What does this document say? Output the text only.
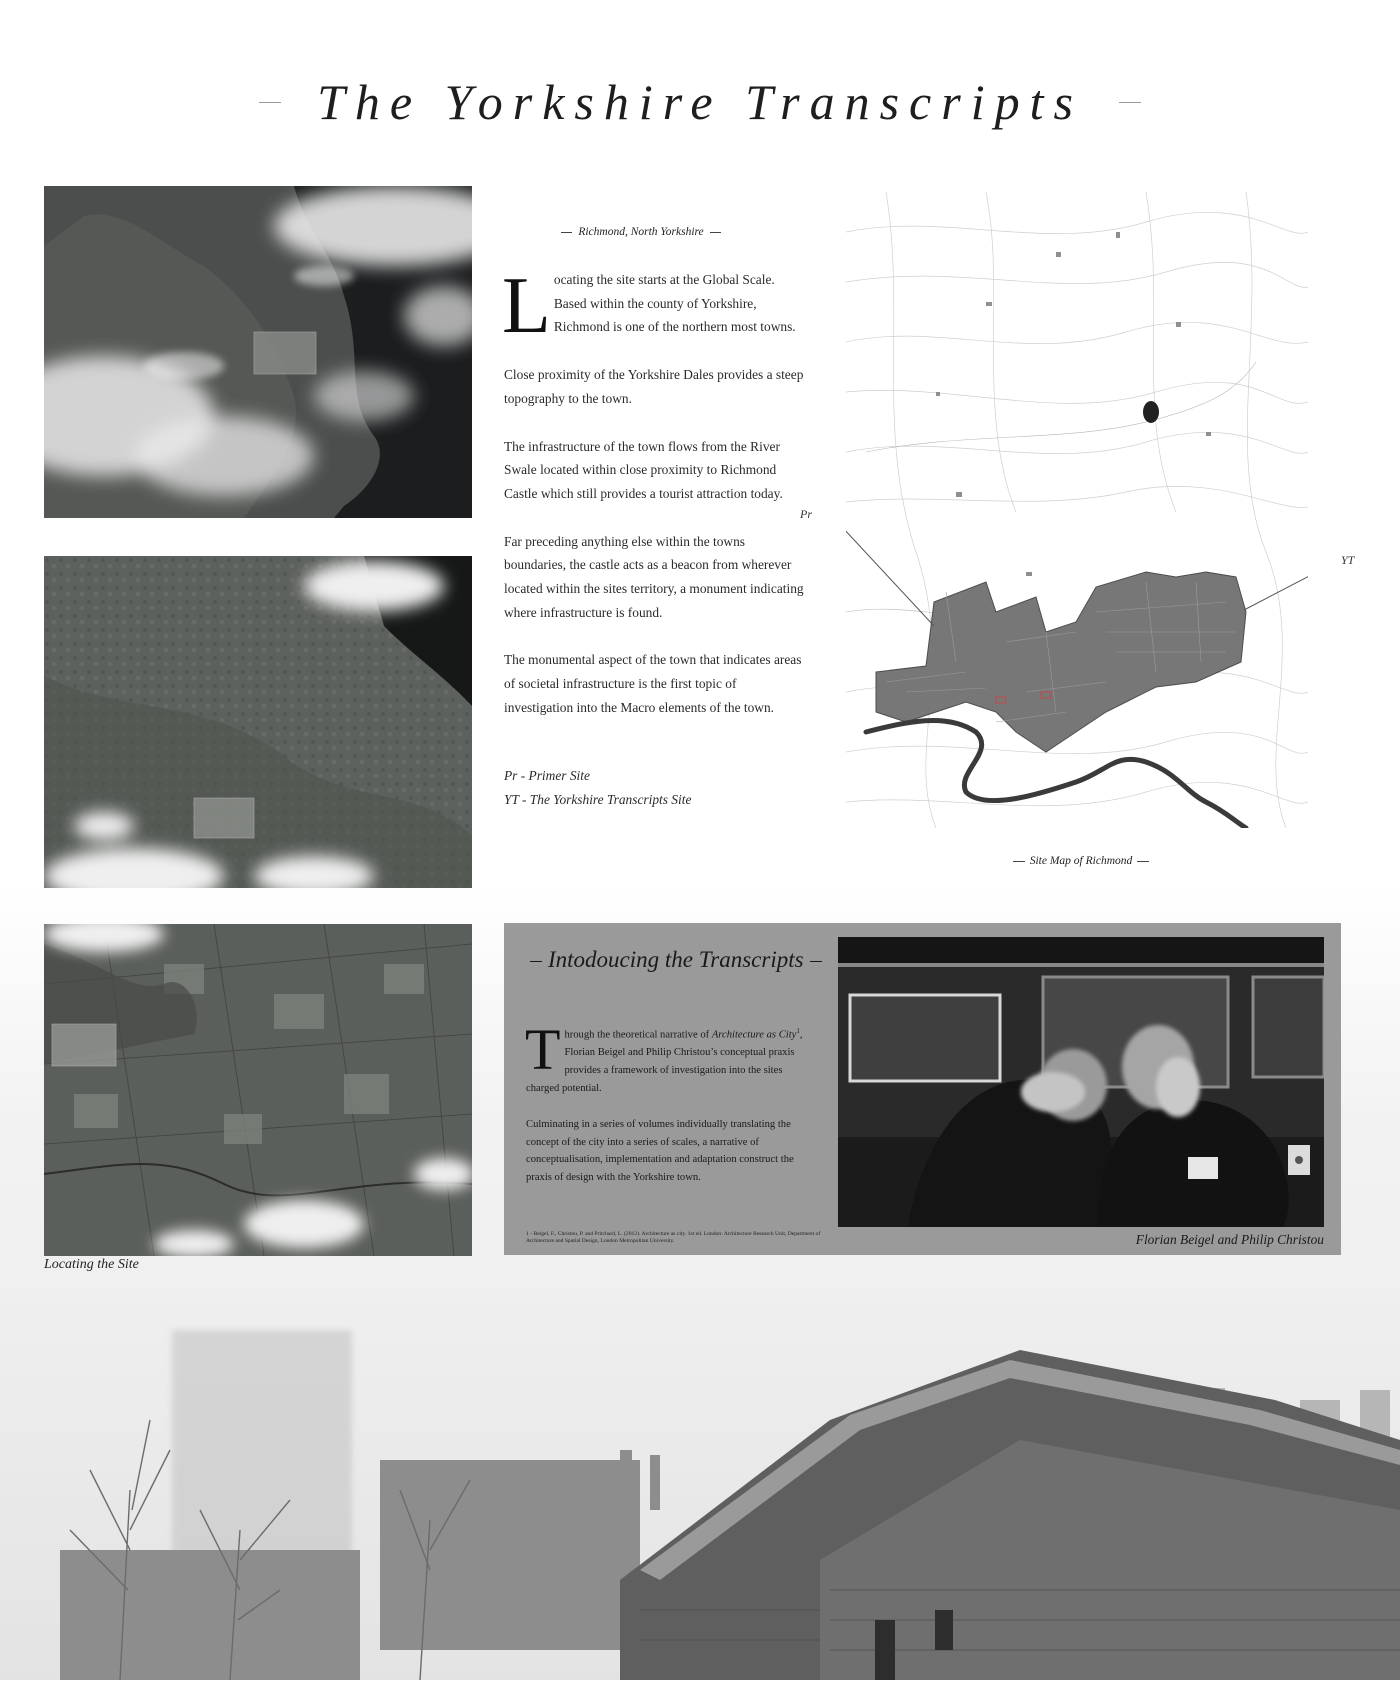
The Yorkshire Transcripts
Locating the Site
Richmond, North Yorkshire

Locating the site starts at the Global Scale. Based within the county of Yorkshire, Richmond is one of the northern most towns.

Close proximity of the Yorkshire Dales provides a steep topography to the town.

The infrastructure of the town flows from the River Swale located within close proximity to Richmond Castle which still provides a tourist attraction today.

Far preceding anything else within the towns boundaries, the castle acts as a beacon from wherever located within the sites territory, a monument indicating where infrastructure is found.

The monumental aspect of the town that indicates areas of societal infrastructure is the first topic of investigation into the Macro elements of the town.

Pr - Primer Site
YT - The Yorkshire Transcripts Site
Pr
YT
Site Map of Richmond
Intodoucing the Transcripts

Through the theoretical narrative of Architecture as City$^1$, Florian Beigel and Philip Christou’s conceptual praxis provides a framework of investigation into the sites charged potential.

Culminating in a series of volumes individually translating the concept of the city into a series of scales, a narrative of conceptualisation, implementation and adaptation construct the praxis of design with the Yorkshire town.

1 - Beigel, F., Christou, P. and Pritchard, L. (2012). Architecture as city. 1st ed. London: Architecture Research Unit, Department of Architecture and Spatial Design, London Metropolitan University.	Florian Beigel and Philip Christou
